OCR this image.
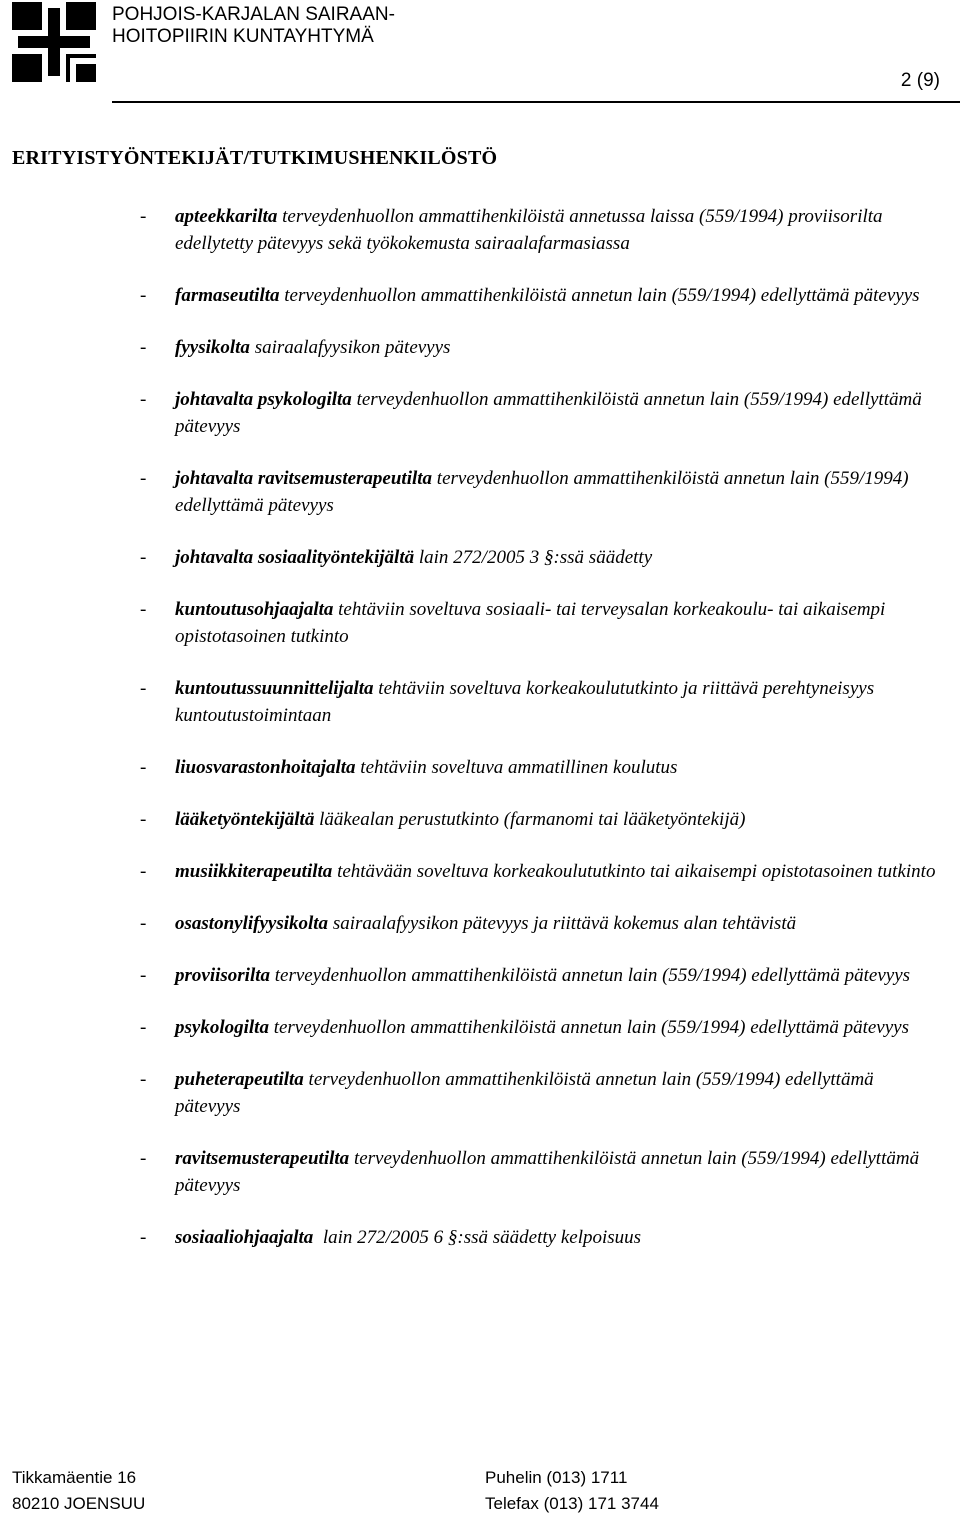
POHJOIS-KARJALAN SAIRAAN-
HOITOPIIRIN KUNTAYHTYMÄ
2 (9)
ERITYISTYÖNTEKIJÄT/TUTKIMUSHENKILÖSTÖ
- apteekkarilta terveydenhuollon ammattihenkilöistä annetussa laissa (559/1994) proviisorilta edellytetty pätevyys sekä työkokemusta sairaalafarmasiassa
- farmaseutilta terveydenhuollon ammattihenkilöistä annetun lain (559/1994) edellyttämä pätevyys
- fyysikolta sairaalafyysikon pätevyys
- johtavalta psykologilta terveydenhuollon ammattihenkilöistä annetun lain (559/1994) edellyttämä pätevyys
- johtavalta ravitsemusterapeutilta terveydenhuollon ammattihenkilöistä annetun lain (559/1994) edellyttämä pätevyys
- johtavalta sosiaalityöntekijältä lain 272/2005 3 §:ssä säädetty
- kuntoutusohjaajalta tehtäviin soveltuva sosiaali- tai terveysalan korkeakoulu- tai aikaisempi opistotasoinen tutkinto
- kuntoutussuunnittelijalta tehtäviin soveltuva korkeakoulututkinto ja riittävä perehtyneisyys kuntoutustoimintaan
- liuosvarastonhoitajalta tehtäviin soveltuva ammatillinen koulutus
- lääketyöntekijältä lääkealan perustutkinto (farmanomi tai lääketyöntekijä)
- musiikkiterapeutilta tehtävään soveltuva korkeakoulututkinto tai aikaisempi opistotasoinen tutkinto
- osastonylifyysikolta sairaalafyysikon pätevyys ja riittävä kokemus alan tehtävistä
- proviisorilta terveydenhuollon ammattihenkilöistä annetun lain (559/1994) edellyttämä pätevyys
- psykologilta terveydenhuollon ammattihenkilöistä annetun lain (559/1994) edellyttämä pätevyys
- puheterapeutilta terveydenhuollon ammattihenkilöistä annetun lain (559/1994) edellyttämä pätevyys
- ravitsemusterapeutilta terveydenhuollon ammattihenkilöistä annetun lain (559/1994) edellyttämä pätevyys
- sosiaaliohjaajalta  lain 272/2005 6 §:ssä säädetty kelpoisuus
Tikkamäentie 16
80210 JOENSUU
Puhelin (013) 1711
Telefax (013) 171 3744
